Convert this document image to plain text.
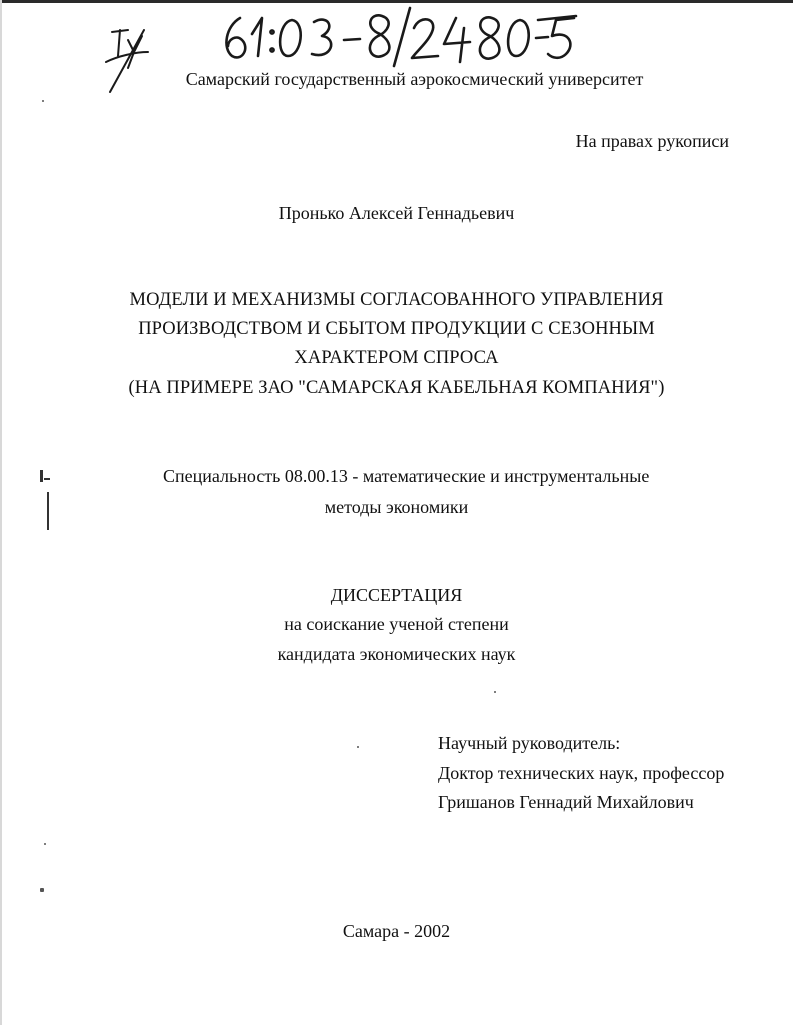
Самарский государственный аэрокосмический университет
На правах рукописи
Пронько Алексей Геннадьевич
МОДЕЛИ И МЕХАНИЗМЫ СОГЛАСОВАННОГО УПРАВЛЕНИЯ
ПРОИЗВОДСТВОМ И СБЫТОМ ПРОДУКЦИИ С СЕЗОННЫМ
ХАРАКТЕРОМ СПРОСА
(НА ПРИМЕРЕ ЗАО "САМАРСКАЯ КАБЕЛЬНАЯ КОМПАНИЯ")
Специальность 08.00.13 - математические и инструментальные
методы экономики
ДИССЕРТАЦИЯ
на соискание ученой степени
кандидата экономических наук
Научный руководитель:
Доктор технических наук, профессор
Гришанов Геннадий Михайлович
Самара - 2002
